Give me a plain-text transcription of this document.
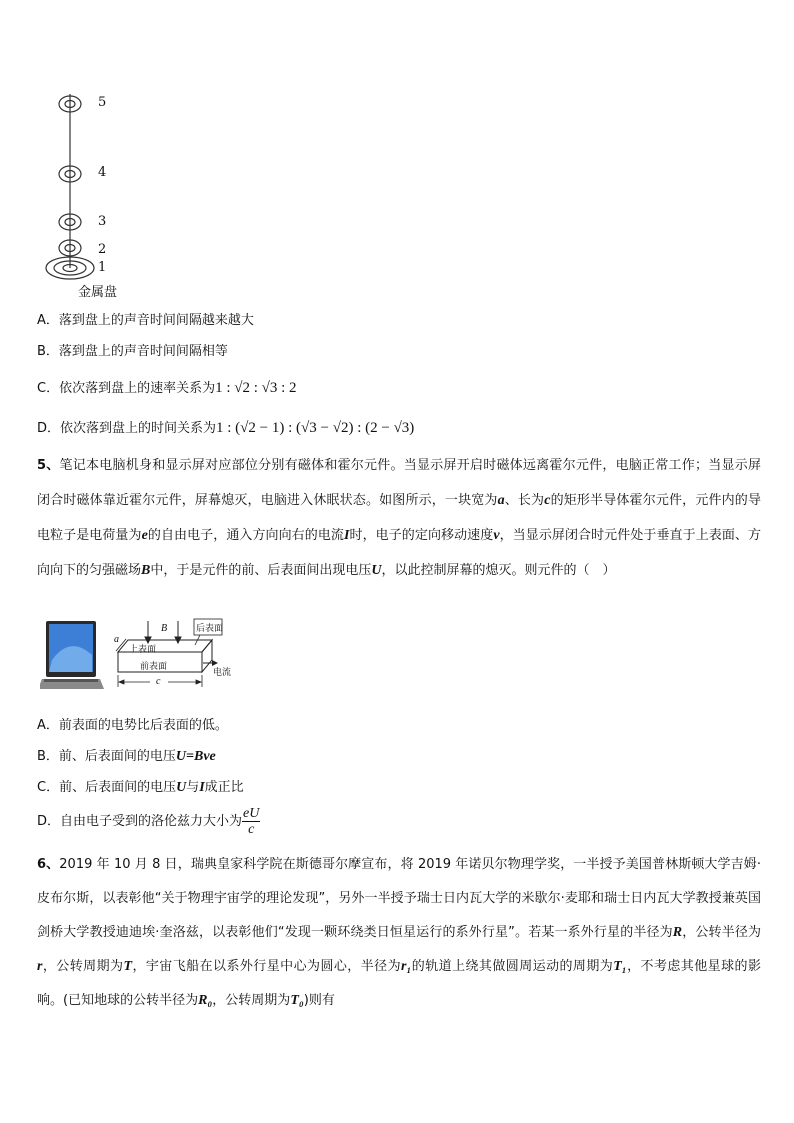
5
4
3
2
1
金属盘
A．落到盘上的声音时间间隔越来越大
B．落到盘上的声音时间间隔相等
C．依次落到盘上的速率关系为1 : √2 : √3 : 2
D．依次落到盘上的时间关系为1 : (√2 − 1) : (√3 − √2) : (2 − √3)
5、笔记本电脑机身和显示屏对应部位分别有磁体和霍尔元件。当显示屏开启时磁体远离霍尔元件，电脑正常工作；当显示屏闭合时磁体靠近霍尔元件，屏幕熄灭，电脑进入休眠状态。如图所示，一块宽为a、长为c的矩形半导体霍尔元件，元件内的导电粒子是电荷量为e的自由电子，通入方向向右的电流I时，电子的定向移动速度v，当显示屏闭合时元件处于垂直于上表面、方向向下的匀强磁场B中，于是元件的前、后表面间出现电压U，以此控制屏幕的熄灭。则元件的（　）
后表面
上表面
前表面
电流
B
a
c
A．前表面的电势比后表面的低。
B．前、后表面间的电压U=Bve
C．前、后表面间的电压U与I成正比
D．自由电子受到的洛伦兹力大小为 $\frac{eU}{c}$
6、2019 年 10 月 8 日，瑞典皇家科学院在斯德哥尔摩宣布，将 2019 年诺贝尔物理学奖，一半授予美国普林斯顿大学吉姆·皮布尔斯，以表彰他“关于物理宇宙学的理论发现”，另外一半授予瑞士日内瓦大学的米歇尔·麦耶和瑞士日内瓦大学教授兼英国剑桥大学教授迪迪埃·奎洛兹，以表彰他们“发现一颗环绕类日恒星运行的系外行星”。若某一系外行星的半径为R，公转半径为r，公转周期为T，宇宙飞船在以系外行星中心为圆心，半径为r₁的轨道上绕其做圆周运动的周期为T₁，不考虑其他星球的影响。(已知地球的公转半径为R₀，公转周期为T₀)则有
